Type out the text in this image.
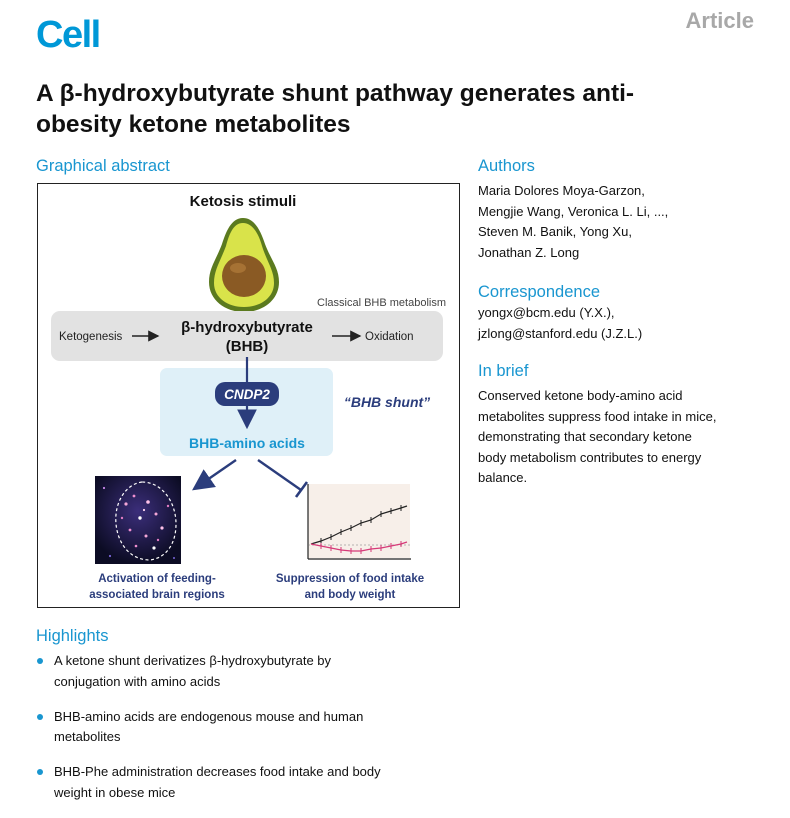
Cell	Article
A β-hydroxybutyrate shunt pathway generates anti-
obesity ketone metabolites
Graphical abstract
Ketosis stimuli
Classical BHB metabolism
Ketogenesis
β-hydroxybutyrate
(BHB)
Oxidation
CNDP2
BHB-amino acids
“BHB shunt”
Activation of feeding-
associated brain regions
Suppression of food intake
and body weight
Authors
Maria Dolores Moya-Garzon,
Mengjie Wang, Veronica L. Li, ...,
Steven M. Banik, Yong Xu,
Jonathan Z. Long
Correspondence
yongx@bcm.edu (Y.X.),
jzlong@stanford.edu (J.Z.L.)
In brief
Conserved ketone body-amino acid
metabolites suppress food intake in mice,
demonstrating that secondary ketone
body metabolism contributes to energy
balance.
Highlights
A ketone shunt derivatizes β-hydroxybutyrate by
conjugation with amino acids
BHB-amino acids are endogenous mouse and human
metabolites
BHB-Phe administration decreases food intake and body
weight in obese mice
